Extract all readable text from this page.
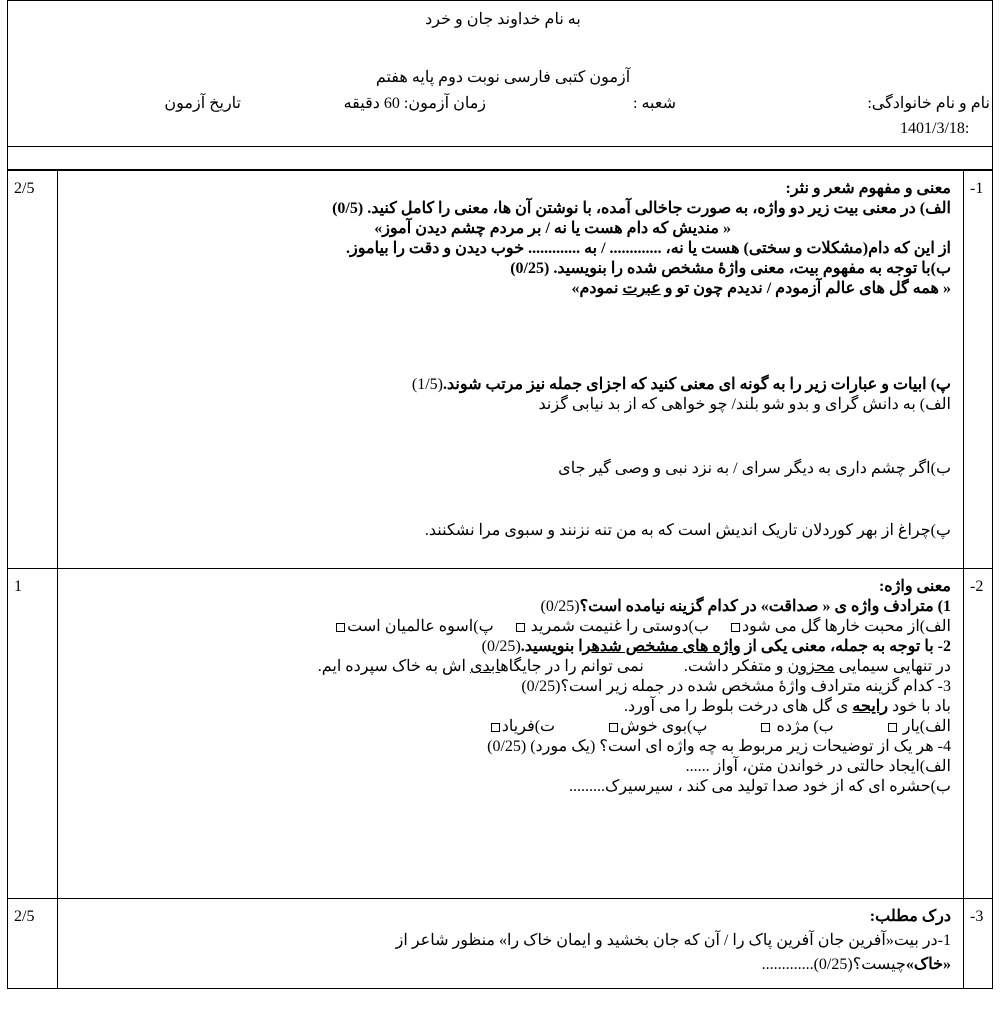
به نام خداوند جان و خرد
آزمون کتبی فارسی نوبت دوم پایه هفتم
نام و نام خانوادگی:
شعبه :
زمان آزمون: 60 دقیقه
تاریخ آزمون
1401/3/18:
2/5	-1
معنی و مفهوم شعر و نثر:
الف) در معنی بیت زیر دو واژه، به صورت جاخالی آمده، با نوشتن آن ها، معنی را کامل کنید. (0/5)
« مندیش که دام هست یا نه / بر مردم چشم دیدن آموز»
از این که دام(مشکلات و سختی) هست یا نه، ............. / به ............. خوب دیدن و دقت را بیاموز.
ب)با توجه به مفهوم بیت، معنی واژهٔ مشخص شده را بنویسید. (0/25)
« همه گل های عالم آزمودم / ندیدم چون تو و عبرت نمودم»
پ) ابیات و عبارات زیر را به گونه ای معنی کنید که اجزای جمله نیز مرتب شوند.(1/5)
الف) به دانش گرای و بدو شو بلند/ چو خواهی که از بد نیابی گزند
ب)اگر چشم داری به دیگر سرای / به نزد نبی و وصی گیر جای
پ)چراغ از بهر کوردلان تاریک اندیش است که به من تنه نزنند و سبوی مرا نشکنند.
1	-2
معنی واژه:
1) مترادف واژه ی « صداقت» در کدام گزینه نیامده است؟(0/25)
الف)از محبت خارها گل می شود     ب)دوستی را غنیمت شمرید      پ)اسوه عالمیان است
2- با توجه به جمله، معنی یکی از واژه های مشخص شدهرا بنویسید.(0/25)
در تنهایی سیمایی محزون و متفکر داشت.          نمی توانم را در جایگاهابدی اش به خاک سپرده ایم.
3- کدام گزینه مترادف واژهٔ مشخص شده در جمله زیر است؟(0/25)
باد با خود رایحه ی گل های درخت بلوط را می آورد.
الف)یار              ب) مژده              پ)بوی خوش             ت)فریاد
4- هر یک از توضیحات زیر مربوط به چه واژه ای است؟ (یک مورد) (0/25)
الف)ایجاد حالتی در خواندن متن، آواز ......
ب)حشره ای که از خود صدا تولید می کند ، سیرسیرک.........
2/5	-3
درک مطلب:
1-در بیت«آفرین جان آفرین پاک را / آن که جان بخشید و ایمان خاک را» منظور شاعر از
«خاک»چیست؟(0/25).............
